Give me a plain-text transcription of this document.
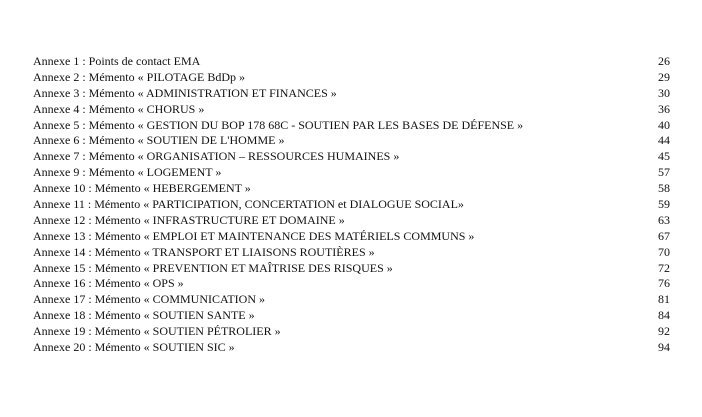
Annexe 1 : Points de contact EMA	26
Annexe 2 : Mémento « PILOTAGE BdDp »	29
Annexe 3 : Mémento « ADMINISTRATION ET FINANCES »	30
Annexe 4 : Mémento « CHORUS »	36
Annexe 5 : Mémento « GESTION DU BOP 178 68C - SOUTIEN PAR LES BASES DE DÉFENSE »	40
Annexe 6 : Mémento « SOUTIEN DE L'HOMME »	44
Annexe 7 : Mémento « ORGANISATION – RESSOURCES HUMAINES »	45
Annexe 9 : Mémento « LOGEMENT »	57
Annexe 10 : Mémento « HEBERGEMENT »	58
Annexe 11 : Mémento « PARTICIPATION, CONCERTATION et DIALOGUE SOCIAL»	59
Annexe 12 : Mémento « INFRASTRUCTURE ET DOMAINE »	63
Annexe 13 : Mémento « EMPLOI ET MAINTENANCE DES MATÉRIELS COMMUNS »	67
Annexe 14 : Mémento « TRANSPORT ET LIAISONS ROUTIÈRES »	70
Annexe 15 : Mémento « PREVENTION ET MAÎTRISE DES RISQUES »	72
Annexe 16 : Mémento « OPS »	76
Annexe 17 : Mémento « COMMUNICATION »	81
Annexe 18 : Mémento « SOUTIEN SANTE »	84
Annexe 19 : Mémento « SOUTIEN PÉTROLIER »	92
Annexe 20 : Mémento « SOUTIEN SIC »	94
